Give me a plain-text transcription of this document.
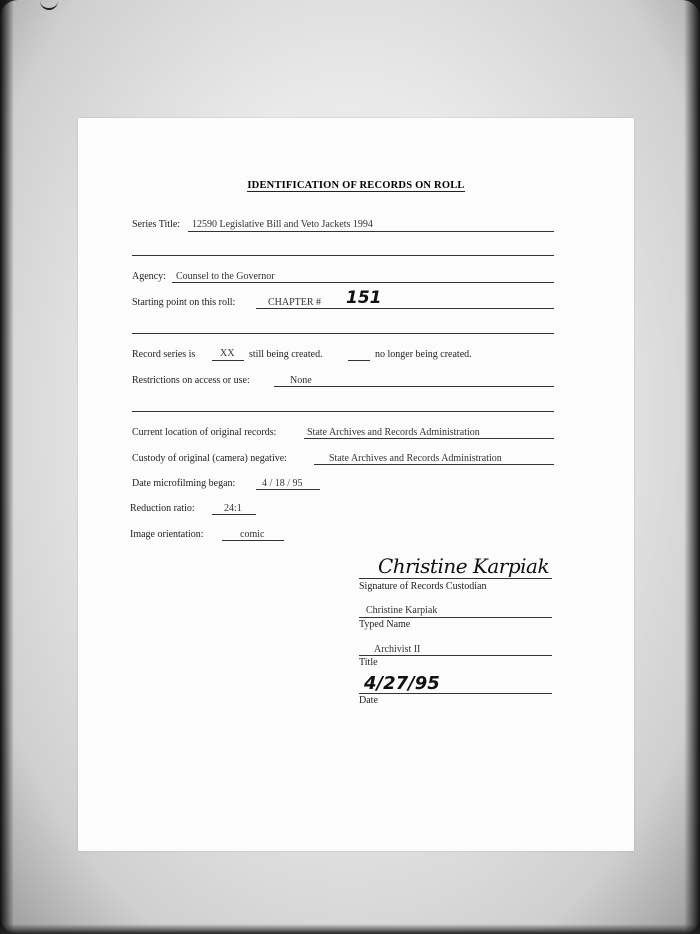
IDENTIFICATION OF RECORDS ON ROLL
Series Title: 12590 Legislative Bill and Veto Jackets 1994
Agency: Counsel to the Governor
Starting point on this roll:	CHAPTER # 151
Record series is XX still being created.	no longer being created.
Restrictions on access or use:	None
Current location of original records:	State Archives and Records Administration
Custody of original (camera) negative:	State Archives and Records Administration
Date microfilming began:	4 / 18 / 95
Reduction ratio:	24:1
Image orientation:	comic
Christine Karpiak
Signature of Records Custodian
Christine Karpiak
Typed Name
Archivist II
Title
4/27/95
Date
